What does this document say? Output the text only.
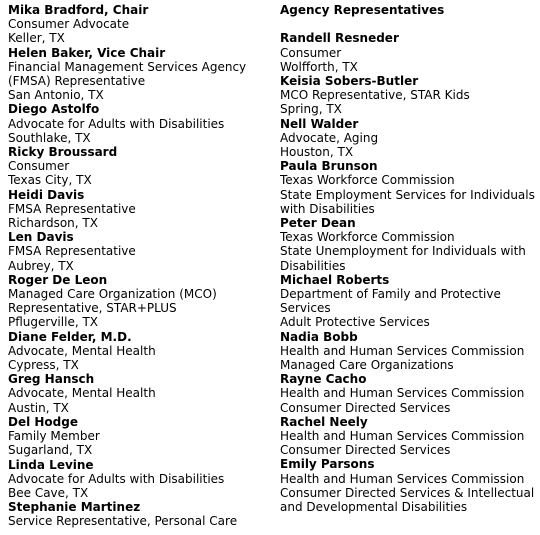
Mika Bradford, Chair
Consumer Advocate
Keller, TX
Helen Baker, Vice Chair
Financial Management Services Agency
(FMSA) Representative
San Antonio, TX
Diego Astolfo
Advocate for Adults with Disabilities
Southlake, TX
Ricky Broussard
Consumer
Texas City, TX
Heidi Davis
FMSA Representative
Richardson, TX
Len Davis
FMSA Representative
Aubrey, TX
Roger De Leon
Managed Care Organization (MCO)
Representative, STAR+PLUS
Pflugerville, TX
Diane Felder, M.D.
Advocate, Mental Health
Cypress, TX
Greg Hansch
Advocate, Mental Health
Austin, TX
Del Hodge
Family Member
Sugarland, TX
Linda Levine
Advocate for Adults with Disabilities
Bee Cave, TX
Stephanie Martinez
Service Representative, Personal Care
Agency Representatives
Randell Resneder
Consumer
Wolfforth, TX
Keisia Sobers-Butler
MCO Representative, STAR Kids
Spring, TX
Nell Walder
Advocate, Aging
Houston, TX
Paula Brunson
Texas Workforce Commission
State Employment Services for Individuals with Disabilities
Peter Dean
Texas Workforce Commission
State Unemployment for Individuals with Disabilities
Michael Roberts
Department of Family and Protective Services
Adult Protective Services
Nadia Bobb
Health and Human Services Commission
Managed Care Organizations
Rayne Cacho
Health and Human Services Commission
Consumer Directed Services
Rachel Neely
Health and Human Services Commission
Consumer Directed Services
Emily Parsons
Health and Human Services Commission
Consumer Directed Services & Intellectual and Developmental Disabilities
